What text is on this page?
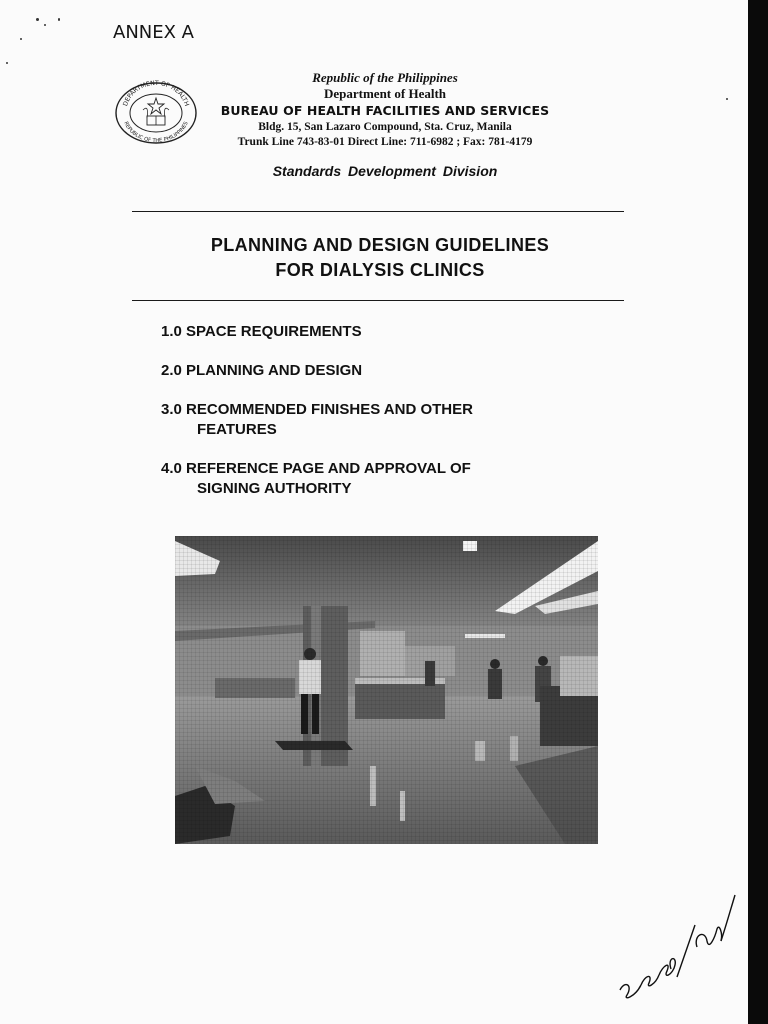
ANNEX A
DEPARTMENT OF HEALTH
REPUBLIC OF THE PHILIPPINES
Republic of the Philippines
Department of Health
BUREAU OF HEALTH FACILITIES AND SERVICES
Bldg. 15, San Lazaro Compound, Sta. Cruz, Manila
Trunk Line 743-83-01 Direct Line: 711-6982 ; Fax: 781-4179
Standards Development Division
PLANNING AND DESIGN GUIDELINES
FOR DIALYSIS CLINICS
1.0 SPACE REQUIREMENTS
2.0 PLANNING AND DESIGN
3.0 RECOMMENDED FINISHES AND OTHER
FEATURES
4.0 REFERENCE PAGE AND APPROVAL OF
SIGNING AUTHORITY
